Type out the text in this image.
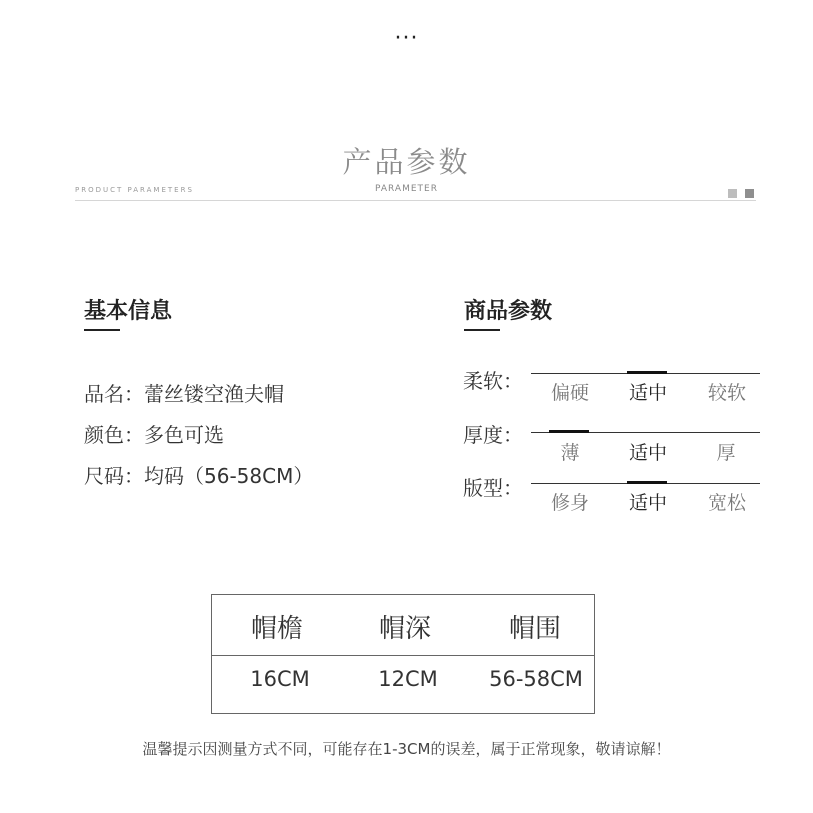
···
产品参数
PARAMETER
PRODUCT PARAMETERS
基本信息
品名：蕾丝镂空渔夫帽
颜色：多色可选
尺码：均码（56-58CM）
商品参数
柔软：	偏硬	适中	较软
厚度：
薄	适中	厚
版型：
修身	适中	宽松
帽檐	帽深	帽围
16CM	12CM	56-58CM
温馨提示因测量方式不同，可能存在1-3CM的误差，属于正常现象，敬请谅解！
